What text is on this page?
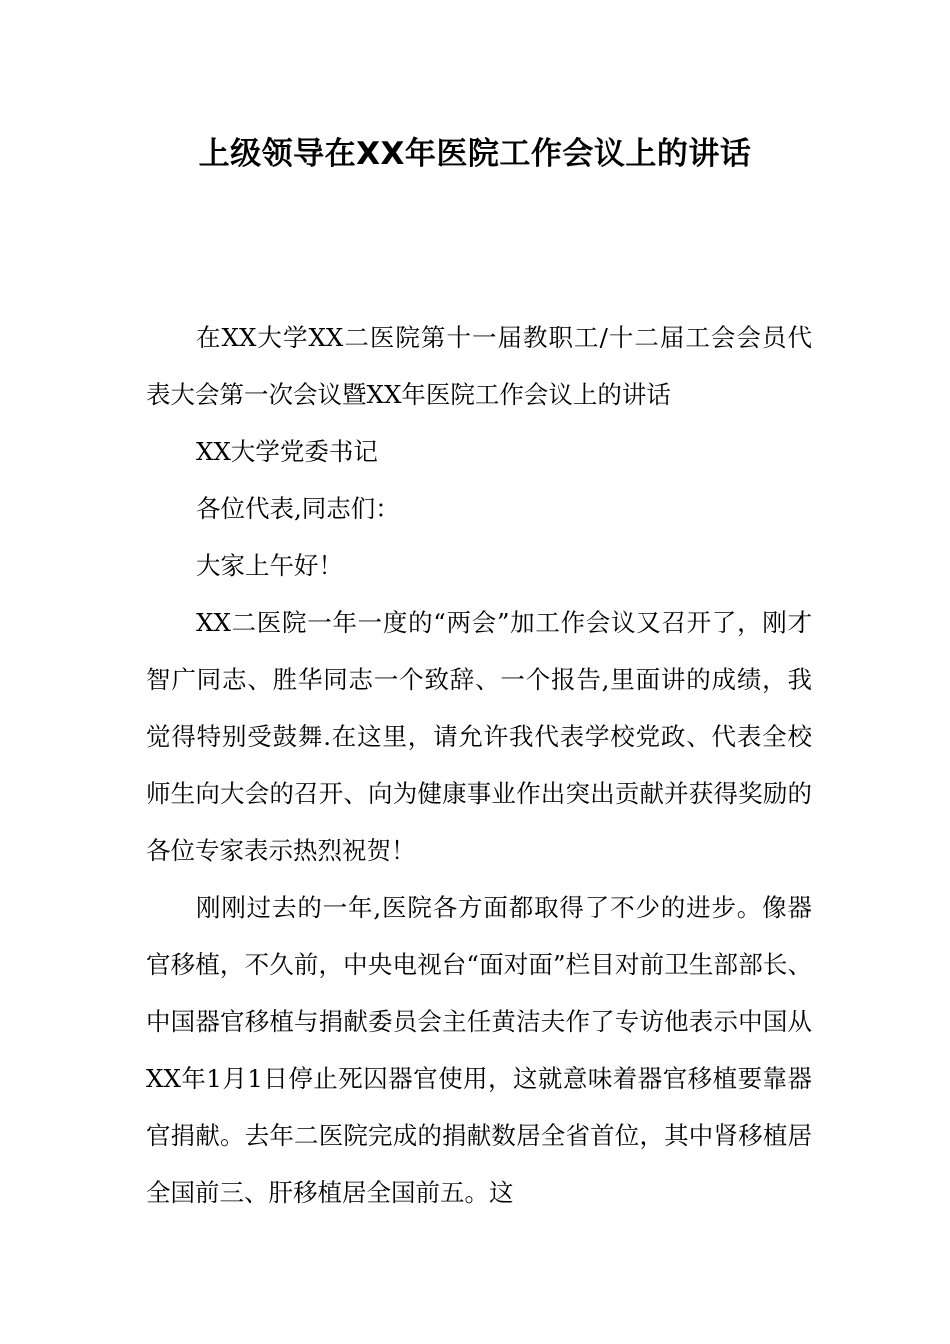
上级领导在XX年医院工作会议上的讲话

在XX大学XX二医院第十一届教职工/十二届工会会员代表大会第一次会议暨XX年医院工作会议上的讲话

XX大学党委书记

各位代表,同志们：

大家上午好！

XX二医院一年一度的“两会”加工作会议又召开了，刚才智广同志、胜华同志一个致辞、一个报告,里面讲的成绩，我觉得特别受鼓舞.在这里，请允许我代表学校党政、代表全校师生向大会的召开、向为健康事业作出突出贡献并获得奖励的各位专家表示热烈祝贺！

刚刚过去的一年,医院各方面都取得了不少的进步。像器官移植，不久前，中央电视台“面对面”栏目对前卫生部部长、中国器官移植与捐献委员会主任黄洁夫作了专访他表示中国从XX年1月1日停止死囚器官使用，这就意味着器官移植要靠器官捐献。去年二医院完成的捐献数居全省首位，其中肾移植居全国前三、肝移植居全国前五。这
